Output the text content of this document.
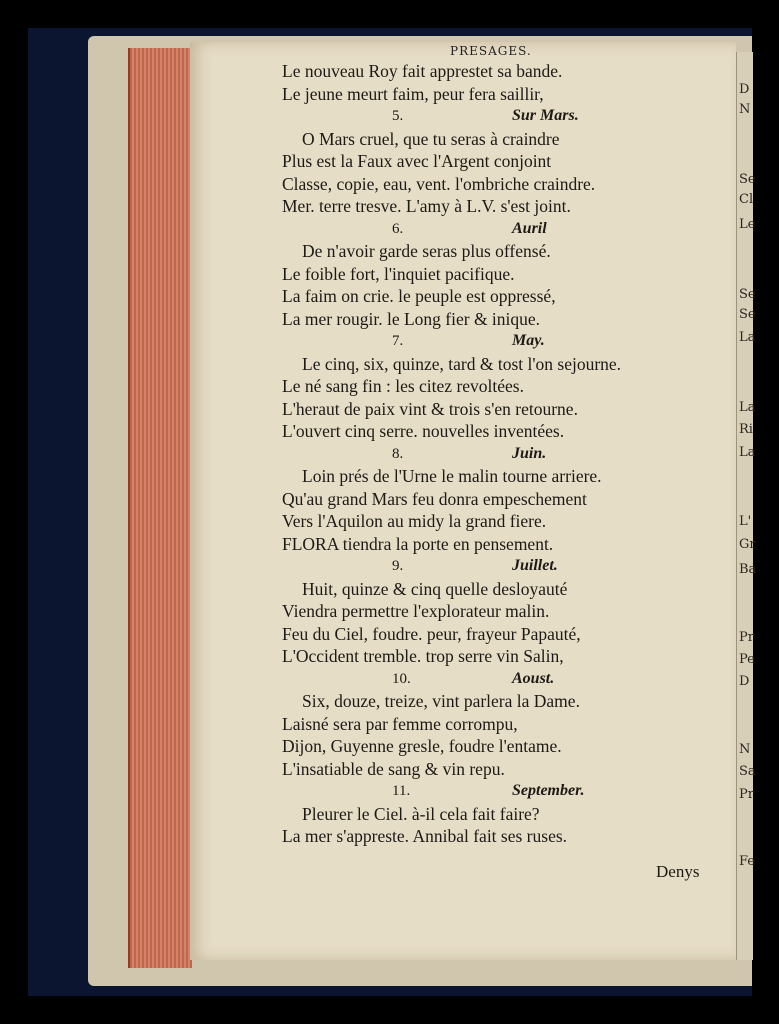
D
N
Se
Cl
Le
Se
Se
La
La
Ri
La
L'
Gr
Ba
Pr
Pe
D
N
Sa
Pr
Fe
PRESAGES.
Le nouveau Roy fait apprestet sa bande.
Le jeune meurt faim, peur fera saillir,
5.	Sur Mars.
O Mars cruel, que tu seras à craindre
Plus est la Faux avec l'Argent conjoint
Classe, copie, eau, vent. l'ombriche craindre.
Mer. terre tresve. L'amy à L.V. s'est joint.
6.	Auril
De n'avoir garde seras plus offensé.
Le foible fort, l'inquiet pacifique.
La faim on crie. le peuple est oppressé,
La mer rougir. le Long fier & inique.
7.	May.
Le cinq, six, quinze, tard & tost l'on sejourne.
Le né sang fin : les citez revoltées.
L'heraut de paix vint & trois s'en retourne.
L'ouvert cinq serre. nouvelles inventées.
8.	Juin.
Loin prés de l'Urne le malin tourne arriere.
Qu'au grand Mars feu donra empeschement
Vers l'Aquilon au midy la grand fiere.
FLORA tiendra la porte en pensement.
9.	Juillet.
Huit, quinze & cinq quelle desloyauté
Viendra permettre l'explorateur malin.
Feu du Ciel, foudre. peur, frayeur Papauté,
L'Occident tremble. trop serre vin Salin,
10.	Aoust.
Six, douze, treize, vint parlera la Dame.
Laisné sera par femme corrompu,
Dijon, Guyenne gresle, foudre l'entame.
L'insatiable de sang & vin repu.
11.	September.
Pleurer le Ciel. à-il cela fait faire?
La mer s'appreste. Annibal fait ses ruses.
Denys
